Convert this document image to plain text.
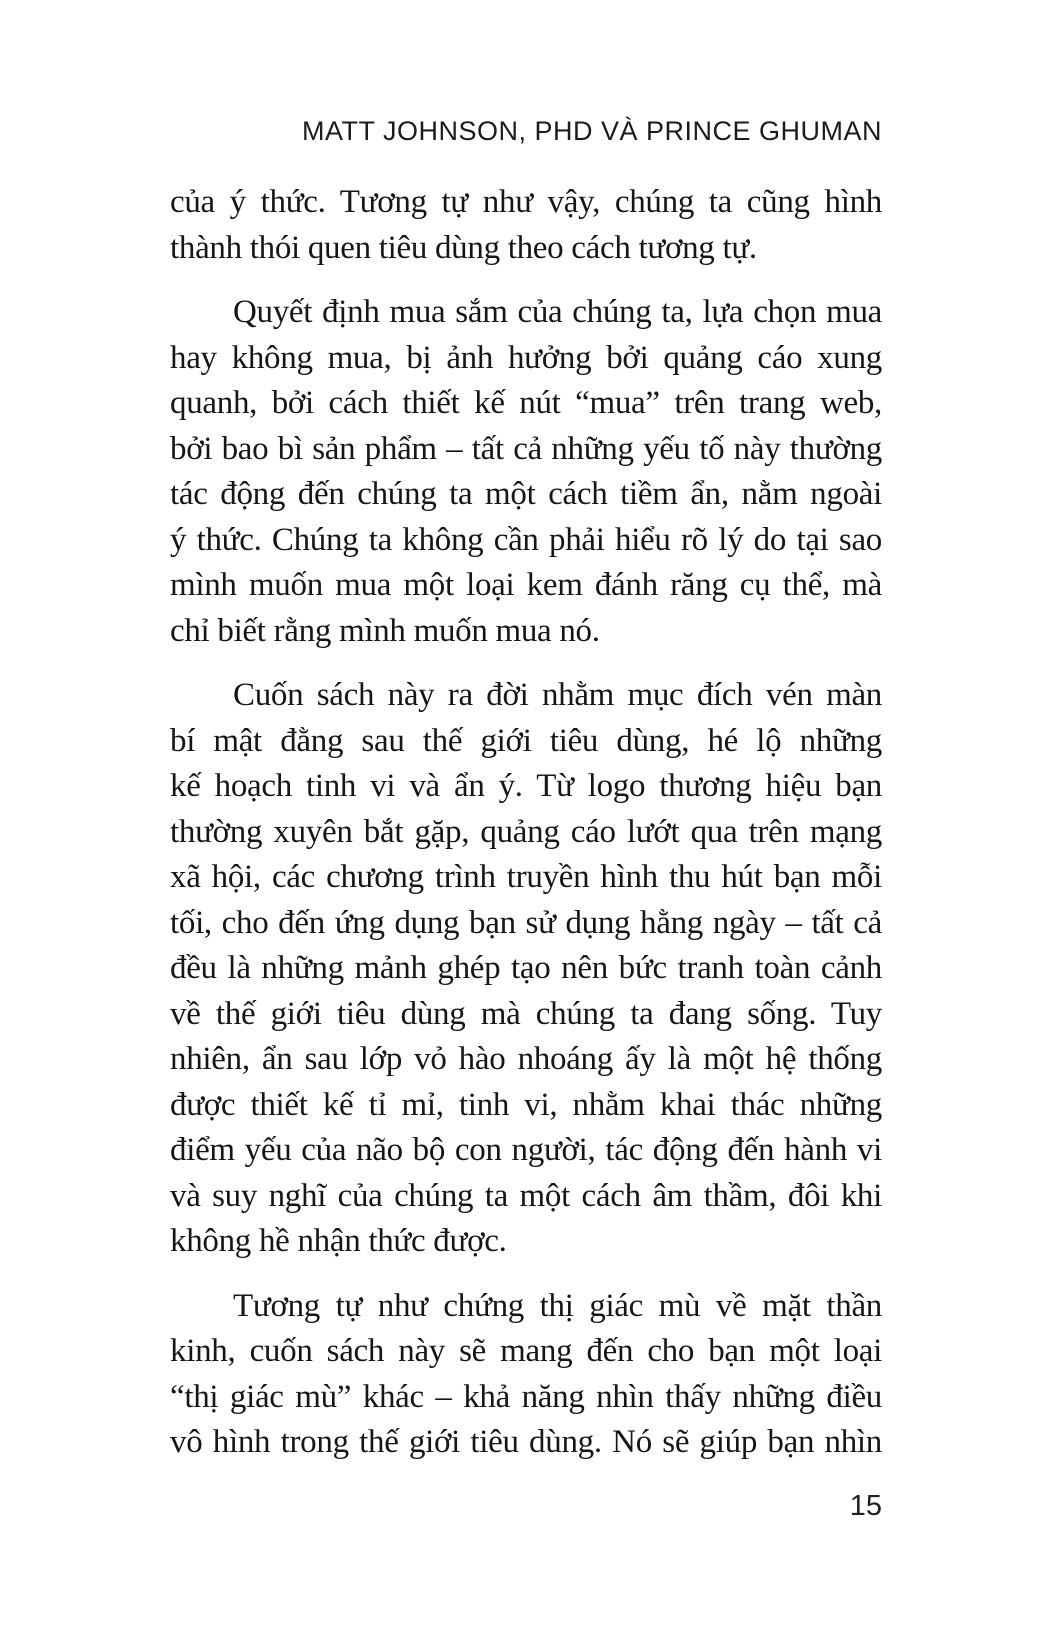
MATT JOHNSON, PHD VÀ PRINCE GHUMAN
của ý thức. Tương tự như vậy, chúng ta cũng hình
thành thói quen tiêu dùng theo cách tương tự.
Quyết định mua sắm của chúng ta, lựa chọn mua
hay không mua, bị ảnh hưởng bởi quảng cáo xung
quanh, bởi cách thiết kế nút “mua” trên trang web,
bởi bao bì sản phẩm – tất cả những yếu tố này thường
tác động đến chúng ta một cách tiềm ẩn, nằm ngoài
ý thức. Chúng ta không cần phải hiểu rõ lý do tại sao
mình muốn mua một loại kem đánh răng cụ thể, mà
chỉ biết rằng mình muốn mua nó.
Cuốn sách này ra đời nhằm mục đích vén màn
bí mật đằng sau thế giới tiêu dùng, hé lộ những
kế hoạch tinh vi và ẩn ý. Từ logo thương hiệu bạn
thường xuyên bắt gặp, quảng cáo lướt qua trên mạng
xã hội, các chương trình truyền hình thu hút bạn mỗi
tối, cho đến ứng dụng bạn sử dụng hằng ngày – tất cả
đều là những mảnh ghép tạo nên bức tranh toàn cảnh
về thế giới tiêu dùng mà chúng ta đang sống. Tuy
nhiên, ẩn sau lớp vỏ hào nhoáng ấy là một hệ thống
được thiết kế tỉ mỉ, tinh vi, nhằm khai thác những
điểm yếu của não bộ con người, tác động đến hành vi
và suy nghĩ của chúng ta một cách âm thầm, đôi khi
không hề nhận thức được.
Tương tự như chứng thị giác mù về mặt thần
kinh, cuốn sách này sẽ mang đến cho bạn một loại
“thị giác mù” khác – khả năng nhìn thấy những điều
vô hình trong thế giới tiêu dùng. Nó sẽ giúp bạn nhìn
15
